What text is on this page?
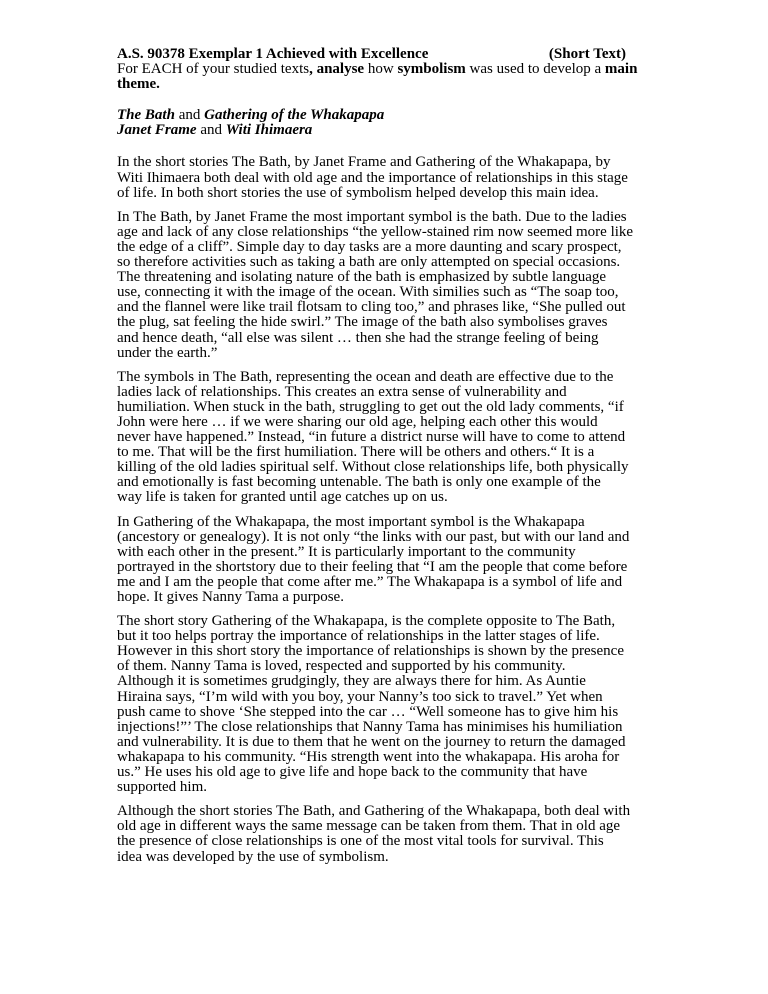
A.S. 90378 Exemplar 1 Achieved with Excellence	(Short Text)
For EACH of your studied texts, analyse how symbolism was used to develop a main
theme.
The Bath and Gathering of the Whakapapa
Janet Frame and Witi Ihimaera
In the short stories The Bath, by Janet Frame and Gathering of the Whakapapa, by
Witi Ihimaera both deal with old age and the importance of relationships in this stage
of life. In both short stories the use of symbolism helped develop this main idea.
In The Bath, by Janet Frame the most important symbol is the bath. Due to the ladies
age and lack of any close relationships “the yellow-stained rim now seemed more like
the edge of a cliff”. Simple day to day tasks are a more daunting and scary prospect,
so therefore activities such as taking a bath are only attempted on special occasions.
The threatening and isolating nature of the bath is emphasized by subtle language
use, connecting it with the image of the ocean. With similies such as “The soap too,
and the flannel were like trail flotsam to cling too,” and phrases like, “She pulled out
the plug, sat feeling the hide swirl.” The image of the bath also symbolises graves
and hence death, “all else was silent … then she had the strange feeling of being
under the earth.”
The symbols in The Bath, representing the ocean and death are effective due to the
ladies lack of relationships. This creates an extra sense of vulnerability and
humiliation. When stuck in the bath, struggling to get out the old lady comments, “if
John were here … if we were sharing our old age, helping each other this would
never have happened.” Instead, “in future a district nurse will have to come to attend
to me. That will be the first humiliation. There will be others and others.“ It is a
killing of the old ladies spiritual self. Without close relationships life, both physically
and emotionally is fast becoming untenable. The bath is only one example of the
way life is taken for granted until age catches up on us.
In Gathering of the Whakapapa, the most important symbol is the Whakapapa
(ancestory or genealogy). It is not only “the links with our past, but with our land and
with each other in the present.” It is particularly important to the community
portrayed in the shortstory due to their feeling that “I am the people that come before
me and I am the people that come after me.” The Whakapapa is a symbol of life and
hope. It gives Nanny Tama a purpose.
The short story Gathering of the Whakapapa, is the complete opposite to The Bath,
but it too helps portray the importance of relationships in the latter stages of life.
However in this short story the importance of relationships is shown by the presence
of them. Nanny Tama is loved, respected and supported by his community.
Although it is sometimes grudgingly, they are always there for him. As Auntie
Hiraina says, “I’m wild with you boy, your Nanny’s too sick to travel.” Yet when
push came to shove ‘She stepped into the car … “Well someone has to give him his
injections!”’ The close relationships that Nanny Tama has minimises his humiliation
and vulnerability. It is due to them that he went on the journey to return the damaged
whakapapa to his community. “His strength went into the whakapapa. His aroha for
us.” He uses his old age to give life and hope back to the community that have
supported him.
Although the short stories The Bath, and Gathering of the Whakapapa, both deal with
old age in different ways the same message can be taken from them. That in old age
the presence of close relationships is one of the most vital tools for survival. This
idea was developed by the use of symbolism.
